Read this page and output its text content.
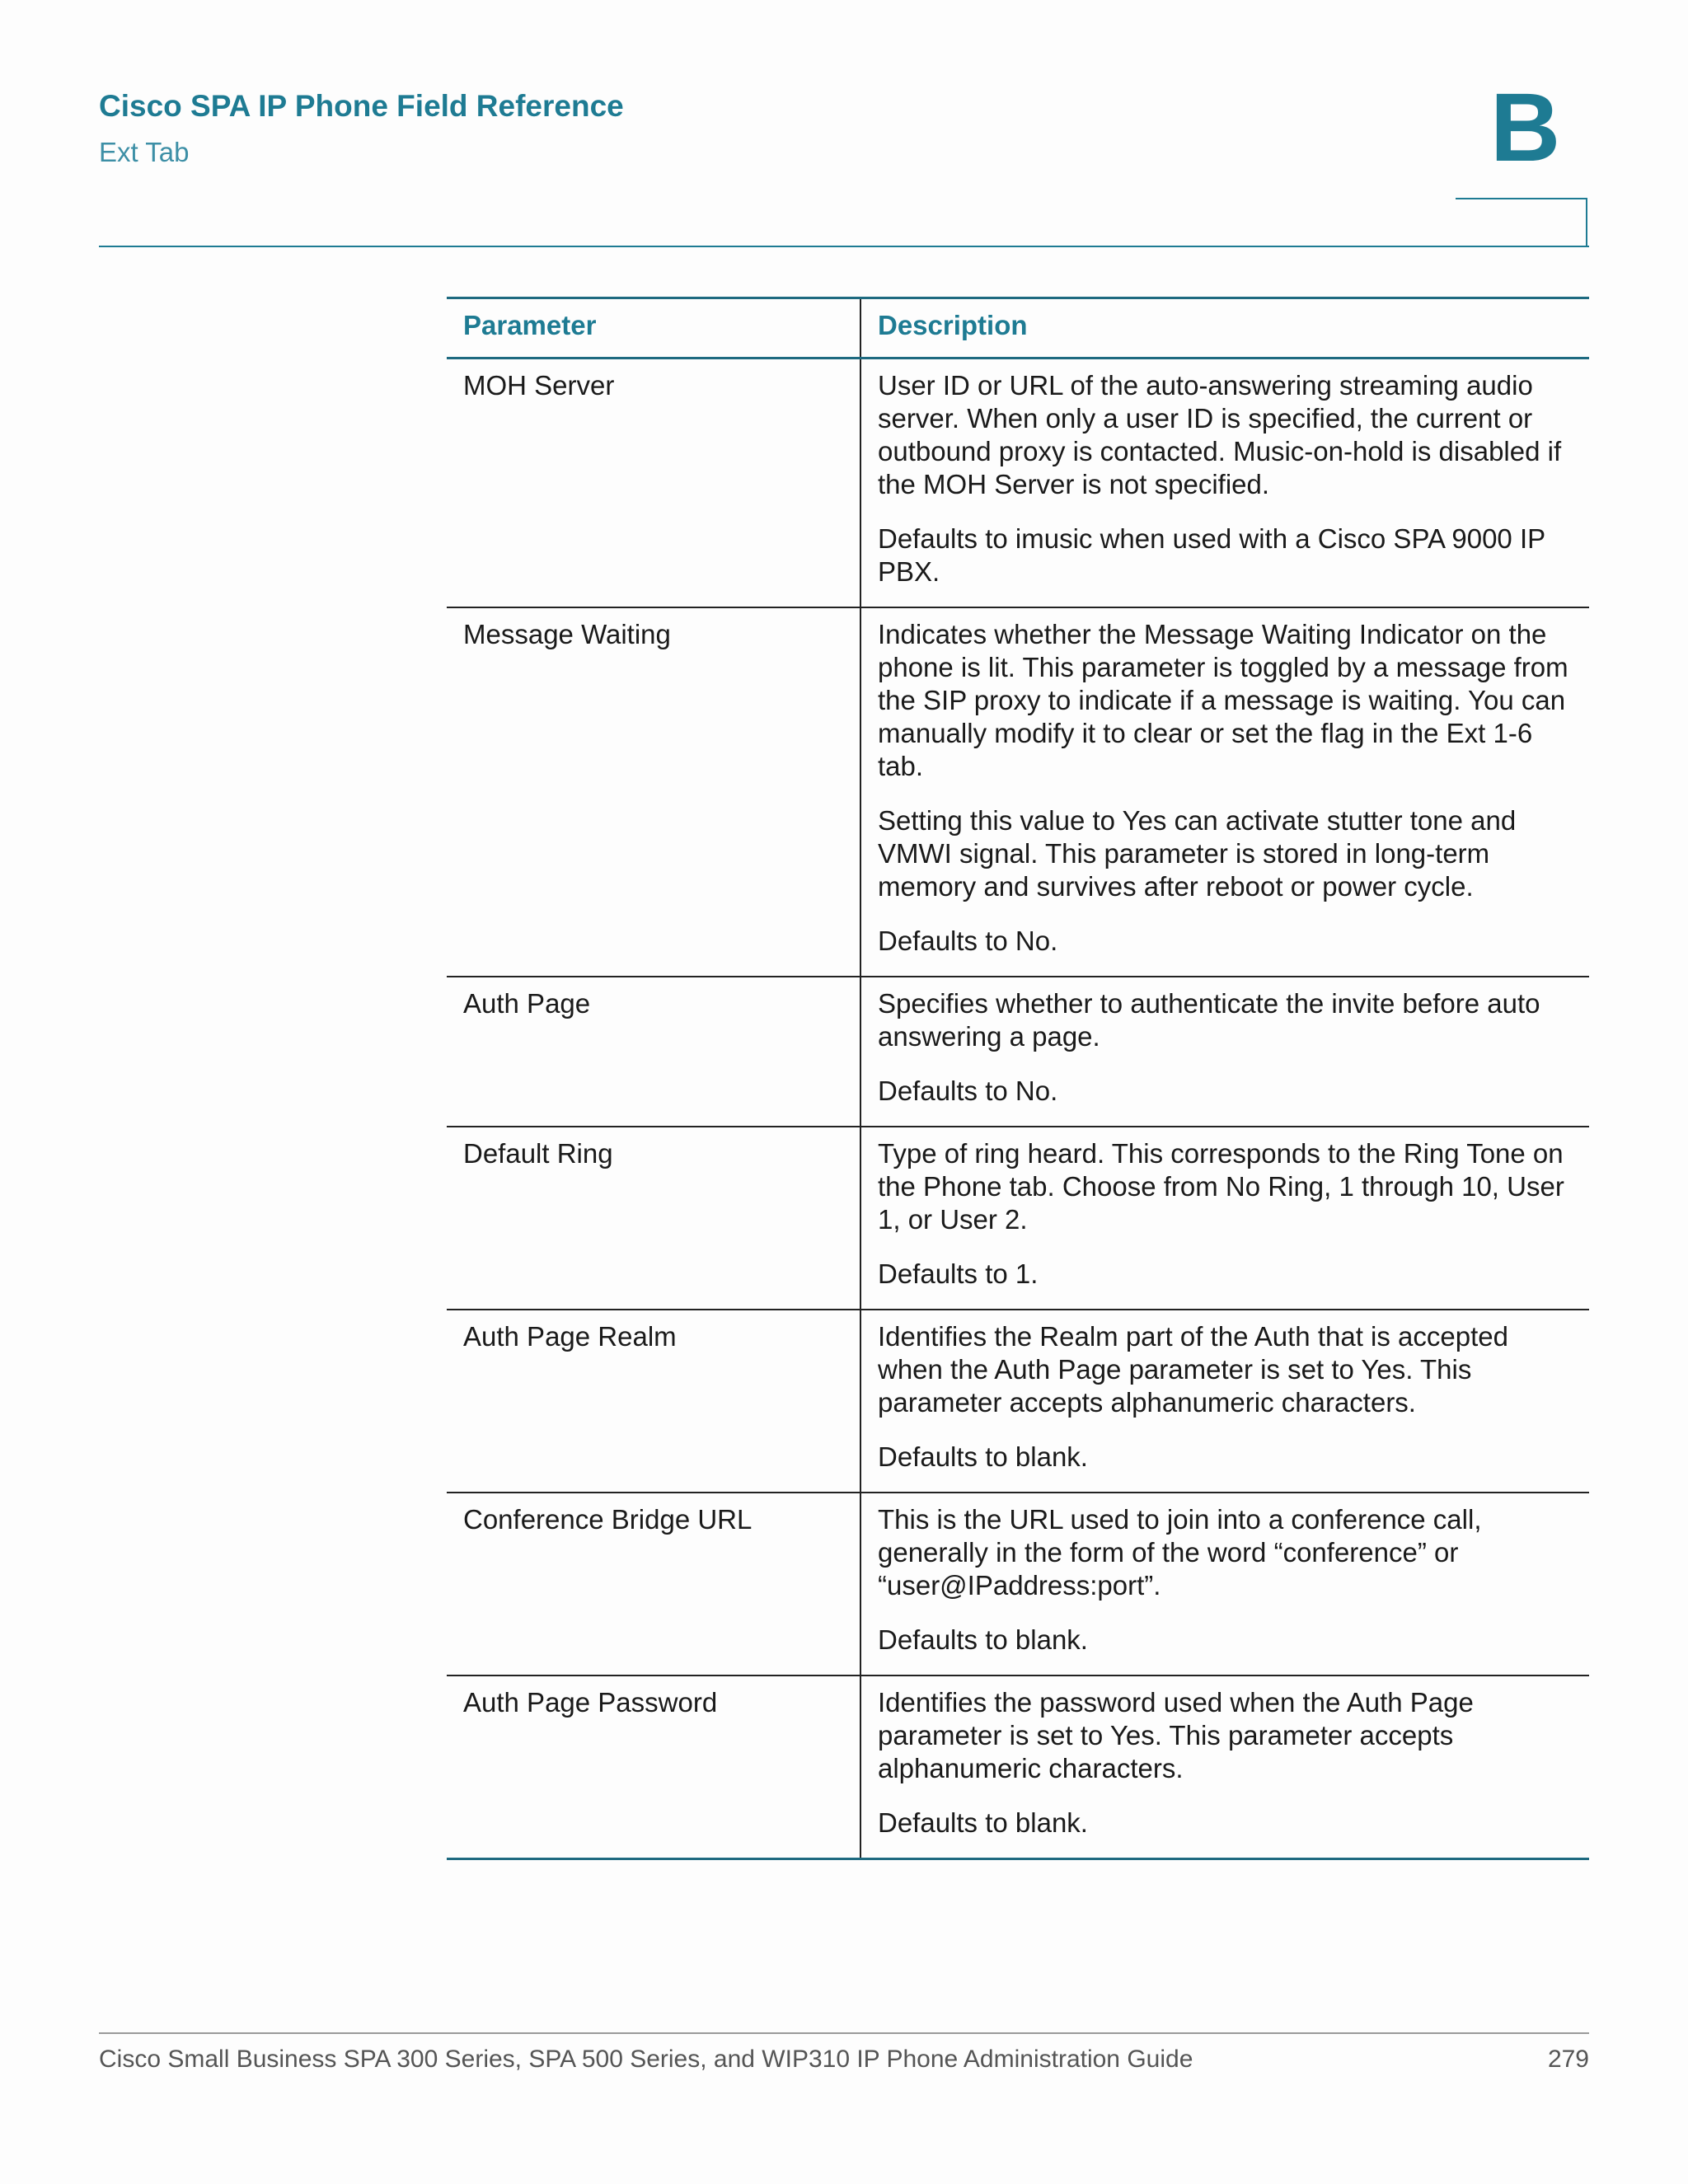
Cisco SPA IP Phone Field Reference
Ext Tab	B
Parameter	Description
MOH Server	User ID or URL of the auto-answering streaming audio server. When only a user ID is specified, the current or outbound proxy is contacted. Music-on-hold is disabled if the MOH Server is not specified.

Defaults to imusic when used with a Cisco SPA 9000 IP PBX.

Message Waiting	Indicates whether the Message Waiting Indicator on the phone is lit. This parameter is toggled by a message from the SIP proxy to indicate if a message is waiting. You can manually modify it to clear or set the flag in the Ext 1-6 tab.

Setting this value to Yes can activate stutter tone and VMWI signal. This parameter is stored in long-term memory and survives after reboot or power cycle.

Defaults to No.

Auth Page	Specifies whether to authenticate the invite before auto answering a page.

Defaults to No.

Default Ring	Type of ring heard. This corresponds to the Ring Tone on the Phone tab. Choose from No Ring, 1 through 10, User 1, or User 2.

Defaults to 1.

Auth Page Realm	Identifies the Realm part of the Auth that is accepted when the Auth Page parameter is set to Yes. This parameter accepts alphanumeric characters.

Defaults to blank.

Conference Bridge URL	This is the URL used to join into a conference call, generally in the form of the word “conference” or “user@IPaddress:port”.

Defaults to blank.

Auth Page Password	Identifies the password used when the Auth Page parameter is set to Yes. This parameter accepts alphanumeric characters.

Defaults to blank.

Cisco Small Business SPA 300 Series, SPA 500 Series, and WIP310 IP Phone Administration Guide	279
